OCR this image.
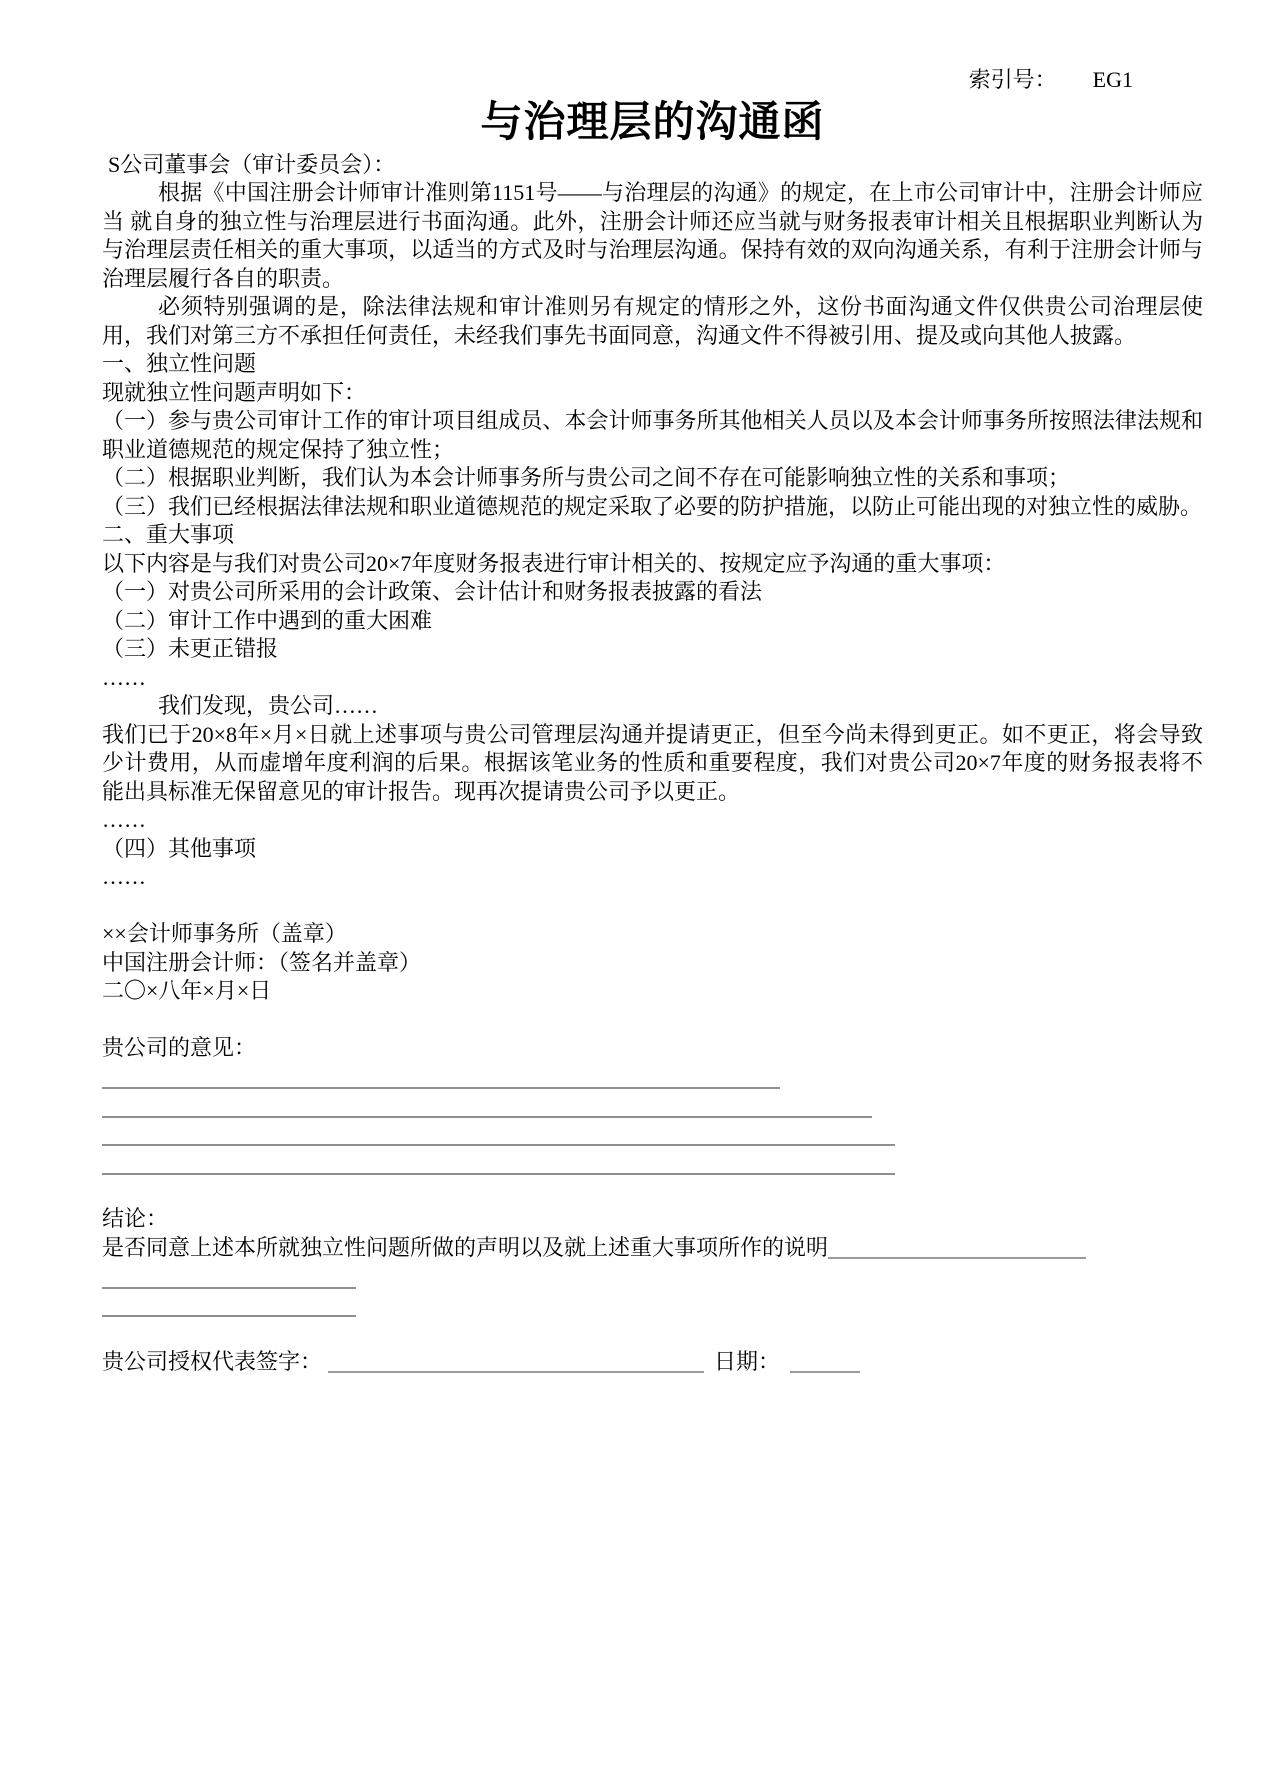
索引号： EG1
与治理层的沟通函
S公司董事会（审计委员会）：
根据《中国注册会计师审计准则第1151号——与治理层的沟通》的规定，在上市公司审计中，注册会计师应当 就自身的独立性与治理层进行书面沟通。此外，注册会计师还应当就与财务报表审计相关且根据职业判断认为与治理层责任相关的重大事项，以适当的方式及时与治理层沟通。保持有效的双向沟通关系，有利于注册会计师与治理层履行各自的职责。
必须特别强调的是，除法律法规和审计准则另有规定的情形之外，这份书面沟通文件仅供贵公司治理层使用，我们对第三方不承担任何责任，未经我们事先书面同意，沟通文件不得被引用、提及或向其他人披露。
一、独立性问题
现就独立性问题声明如下：
（一）参与贵公司审计工作的审计项目组成员、本会计师事务所其他相关人员以及本会计师事务所按照法律法规和职业道德规范的规定保持了独立性；
（二）根据职业判断，我们认为本会计师事务所与贵公司之间不存在可能影响独立性的关系和事项；
（三）我们已经根据法律法规和职业道德规范的规定采取了必要的防护措施，以防止可能出现的对独立性的威胁。
二、重大事项
以下内容是与我们对贵公司20×7年度财务报表进行审计相关的、按规定应予沟通的重大事项：
（一）对贵公司所采用的会计政策、会计估计和财务报表披露的看法
（二）审计工作中遇到的重大困难
（三）未更正错报
……
我们发现，贵公司……
我们已于20×8年×月×日就上述事项与贵公司管理层沟通并提请更正，但至今尚未得到更正。如不更正，将会导致少计费用，从而虚增年度利润的后果。根据该笔业务的性质和重要程度，我们对贵公司20×7年度的财务报表将不能出具标准无保留意见的审计报告。现再次提请贵公司予以更正。
……
（四）其他事项
……
××会计师事务所（盖章）
中国注册会计师：（签名并盖章）
二〇×八年×月×日
贵公司的意见：
结论：
是否同意上述本所就独立性问题所做的声明以及就上述重大事项所作的说明
贵公司授权代表签字：	日期：
